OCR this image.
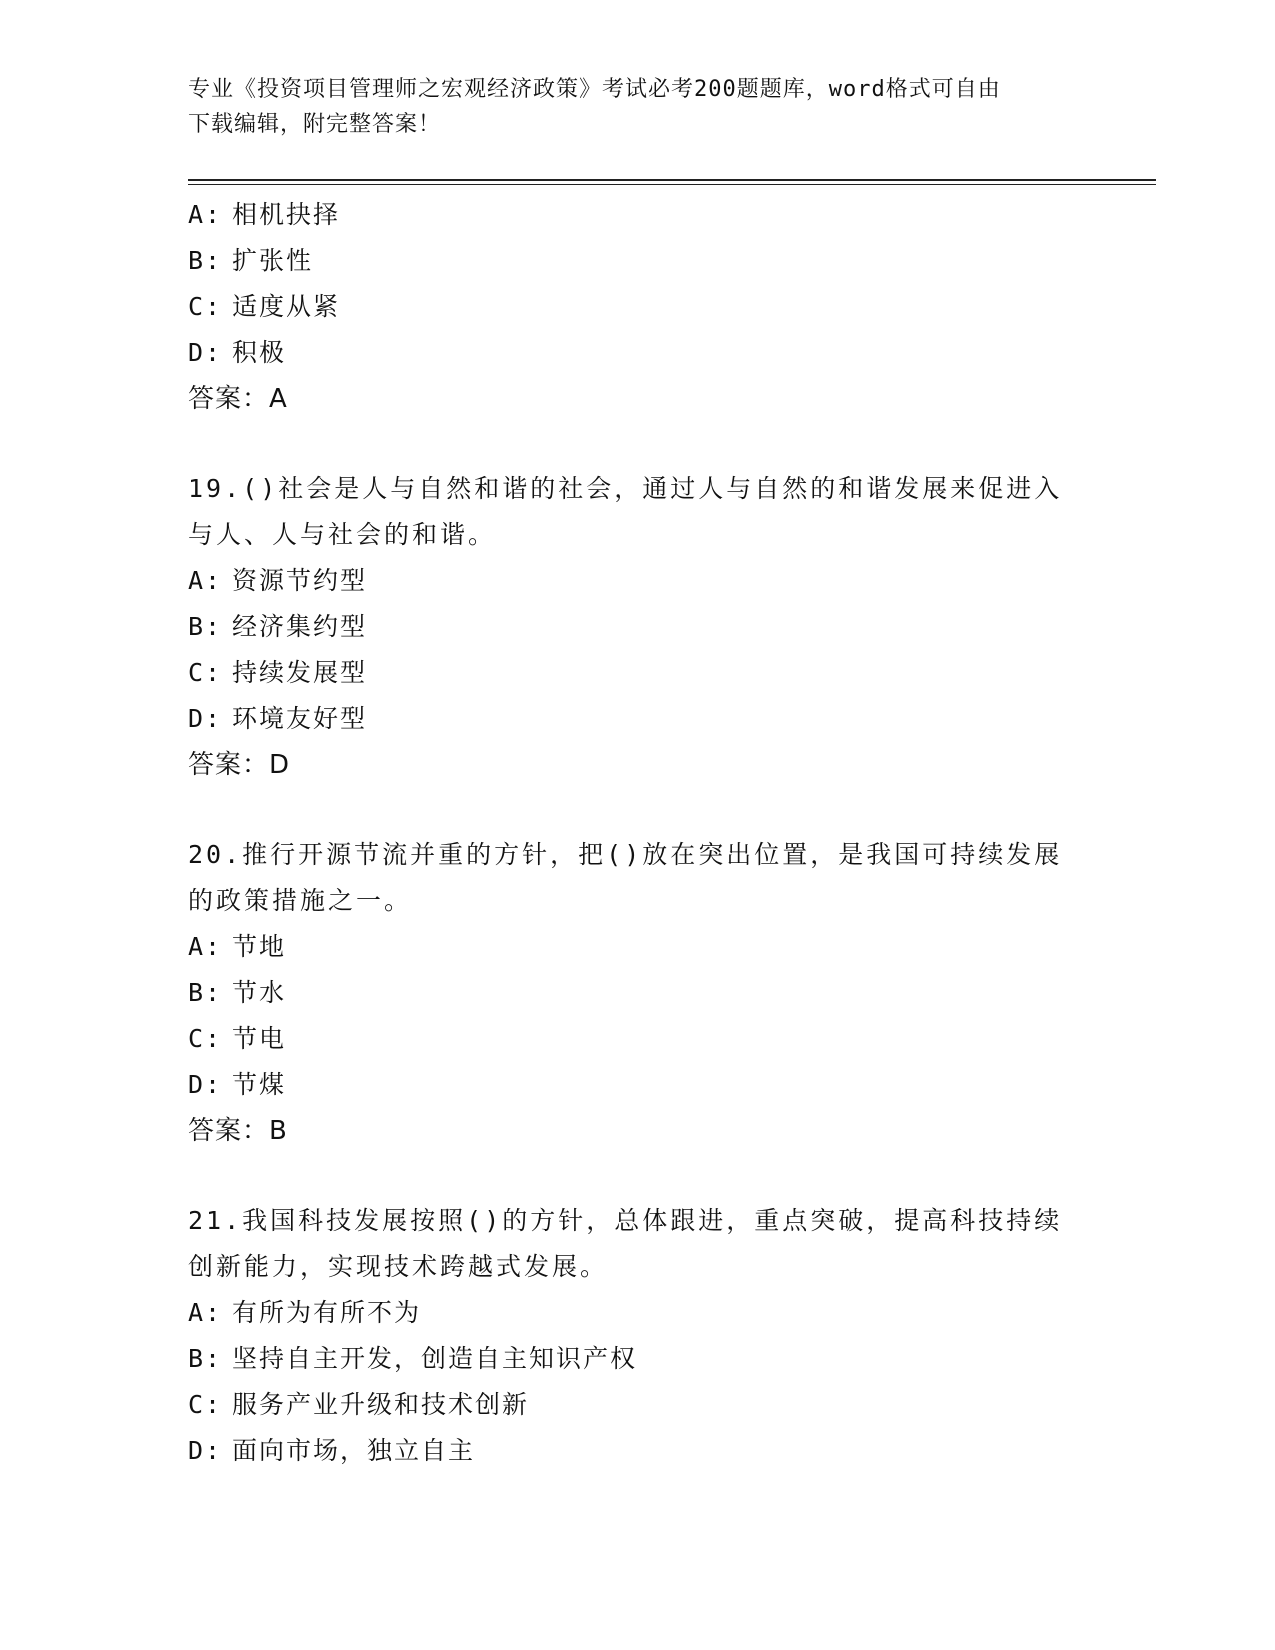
专业《投资项目管理师之宏观经济政策》考试必考200题题库，word格式可自由
下载编辑，附完整答案！
A: 相机抉择
B: 扩张性
C: 适度从紧
D: 积极
答案：A
19.()社会是人与自然和谐的社会，通过人与自然的和谐发展来促进入
与人、人与社会的和谐。
A: 资源节约型
B: 经济集约型
C: 持续发展型
D: 环境友好型
答案：D
20.推行开源节流并重的方针，把()放在突出位置，是我国可持续发展
的政策措施之一。
A: 节地
B: 节水
C: 节电
D: 节煤
答案：B
21.我国科技发展按照()的方针，总体跟进，重点突破，提高科技持续
创新能力，实现技术跨越式发展。
A: 有所为有所不为
B: 坚持自主开发，创造自主知识产权
C: 服务产业升级和技术创新
D: 面向市场，独立自主
